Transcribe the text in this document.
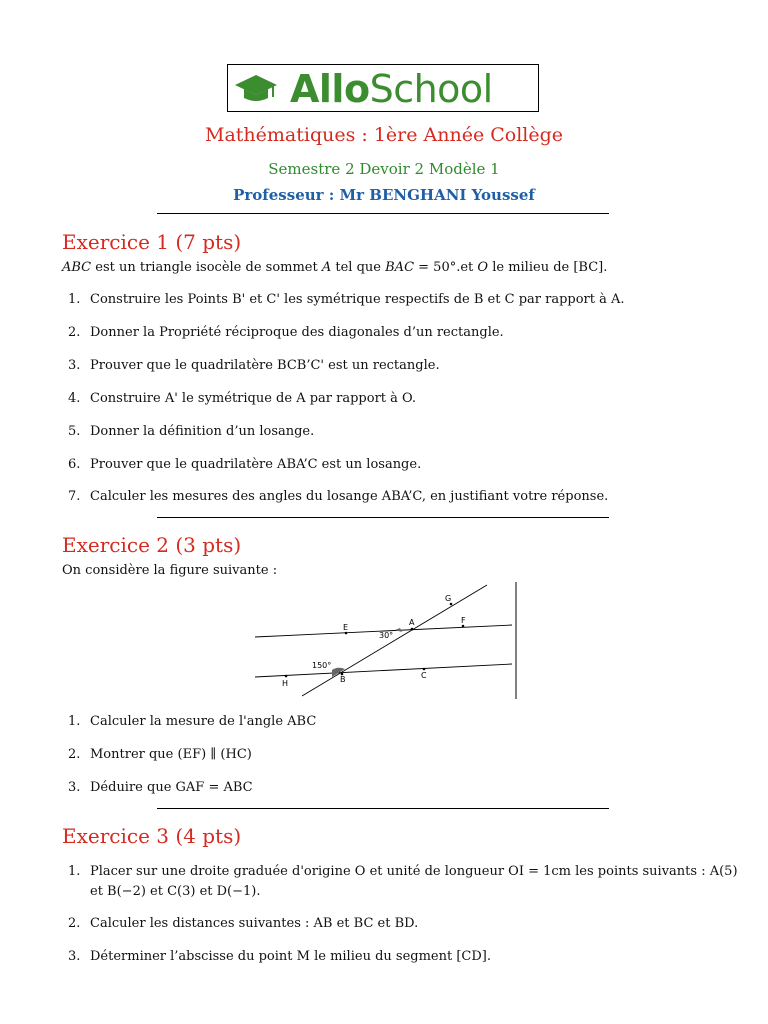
AlloSchool
Mathématiques : 1ère Année Collège
Semestre 2 Devoir 2 Modèle 1
Professeur : Mr BENGHANI Youssef
Exercice 1 (7 pts)
ABC est un triangle isocèle de sommet A tel que BAC = 50°.et O le milieu de [BC].
1. Construire les Points B' et C' les symétrique respectifs de B et C par rapport à A.
2. Donner la Propriété réciproque des diagonales d’un rectangle.
3. Prouver que le quadrilatère BCB’C' est un rectangle.
4. Construire A' le symétrique de A par rapport à O.
5. Donner la définition d’un losange.
6. Prouver que le quadrilatère ABA’C est un losange.
7. Calculer les mesures des angles du losange ABA’C, en justifiant votre réponse.
Exercice 2 (3 pts)
On considère la figure suivante :
E
A	F
G
H	B	C
30°
150°
1. Calculer la mesure de l'angle ABC
2. Montrer que (EF) ∥ (HC)
3. Déduire que GAF = ABC
Exercice 3 (4 pts)
1. Placer sur une droite graduée d'origine O et unité de longueur OI = 1cm les points suivants : A(5)
et B(−2) et C(3) et D(−1).
2. Calculer les distances suivantes : AB et BC et BD.
3. Déterminer l’abscisse du point M le milieu du segment [CD].
